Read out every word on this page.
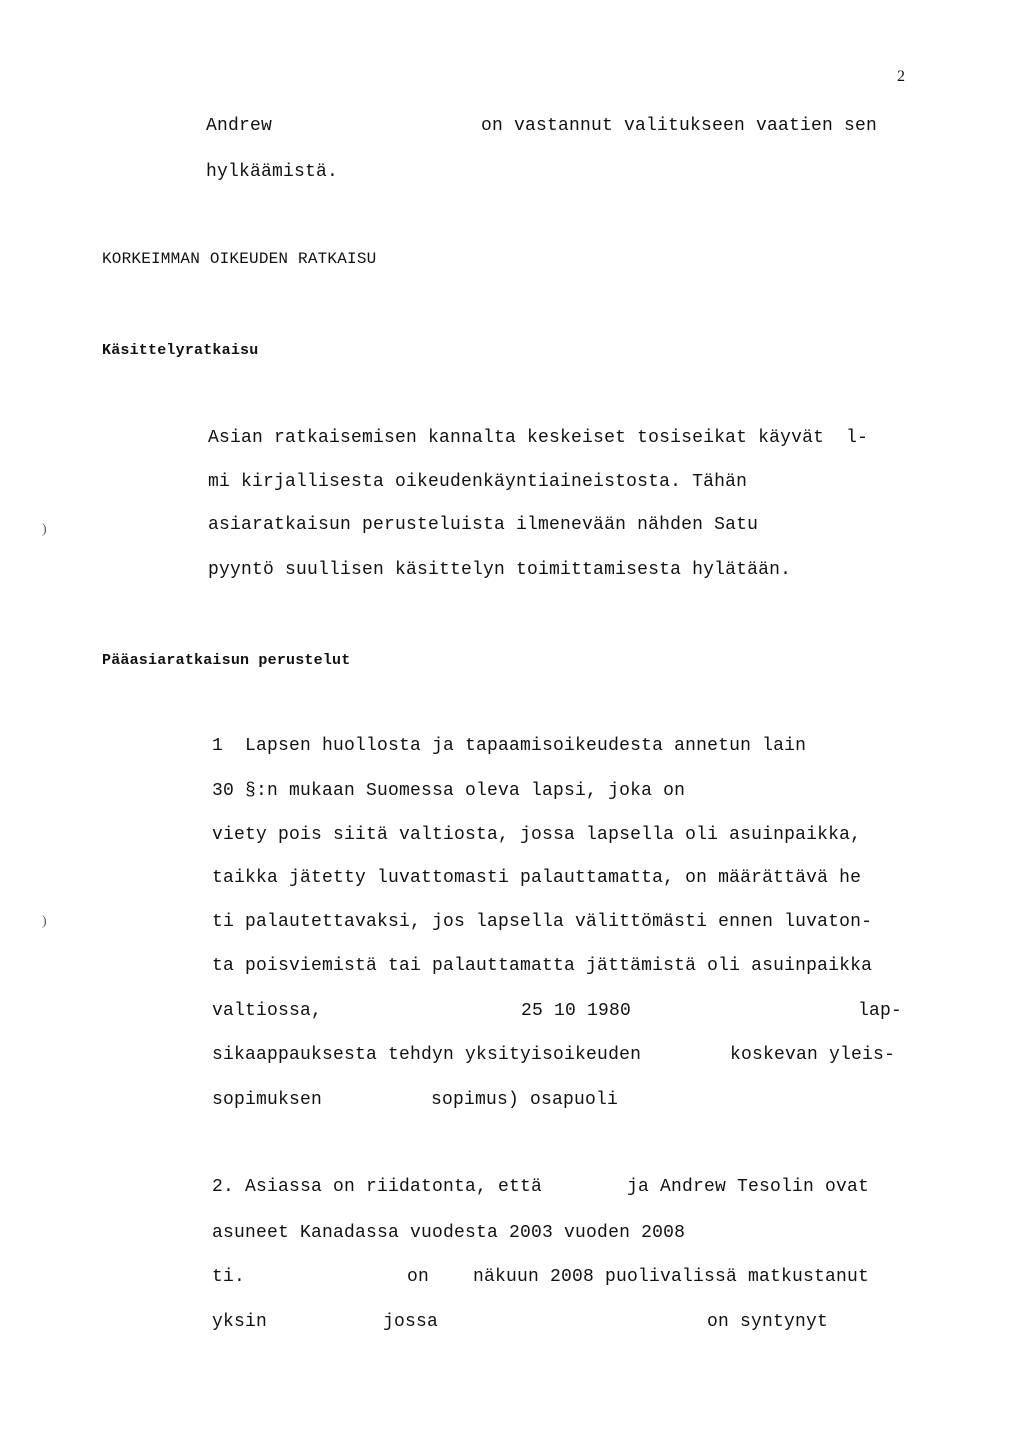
2
Andrew	on vastannut valitukseen vaatien sen
hylkäämistä.
KORKEIMMAN OIKEUDEN RATKAISU
Käsittelyratkaisu
Asian ratkaisemisen kannalta keskeiset tosiseikat käyvät  l-
mi kirjallisesta oikeudenkäyntiaineistosta. Tähän
asiaratkaisun perusteluista ilmenevään nähden Satu
pyyntö suullisen käsittelyn toimittamisesta hylätään.
)
Pääasiaratkaisun perustelut
1  Lapsen huollosta ja tapaamisoikeudesta annetun lain
30 §:n mukaan Suomessa oleva lapsi, joka on
viety pois siitä valtiosta, jossa lapsella oli asuinpaikka,
taikka jätetty luvattomasti palauttamatta, on määrättävä he
ti palautettavaksi, jos lapsella välittömästi ennen luvaton-
ta poisviemistä tai palauttamatta jättämistä oli asuinpaikka
valtiossa,	25 10 1980	lap-
sikaappauksesta tehdyn yksityisoikeuden	koskevan yleis-
sopimuksen	sopimus) osapuoli
)
2. Asiassa on riidatonta, että	ja Andrew Tesolin ovat
asuneet Kanadassa vuodesta 2003 vuoden 2008
ti.	on näkuun 2008 puolivalissä matkustanut
yksin	jossa	on syntynyt
